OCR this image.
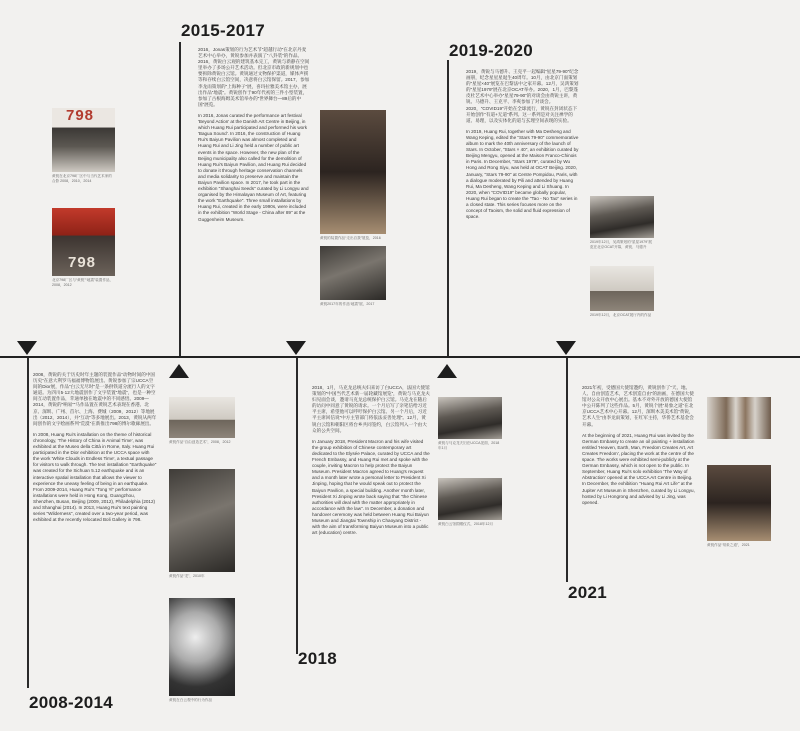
2015-2017
2019-2020
2008-2014
2018
2021
798
黄锐在北京798厂区中与当代艺术家的合影 2008，2010，2014
798
北京798厂区与“黄锐”“地震”装置作品，2008，2012

2016，Jonas策划的行为艺术节“超越行动”在北京丹麦艺术中心举办，黄锐参加并表演了“八卦装”的作品。2016，黄锐白云观的建筑基本完工，黄锐与新静在空间里举办了多场公开艺术活动。但北京市政的新规划中也要拆除黄锐白云馆。黄锐通过文物保护渠道，媒体声援等和存续白云馆空间，决意将白云馆保留。2017，参加李龙雨策划的“上海种子”展，喜玛拉雅美术馆主办，展出作品“地震”。黄锐创作于90年代初的三件小型装置，参加了古根海姆美术馆举办的“世界舞台—89后的中国”展览。

In 2016, Jonas curated the performance art festival 'Beyond Action' at the Danish Art Centre in Beijing, in which Huang Rui participated and performed his work 'Bagua Sound'. In 2016, the construction of Huang Rui's Baiyun Pavilion was almost completed and Huang Rui and Li Jing held a number of public art events in the space. However, the new plan of the Beijing municipality also called for the demolition of Huang Rui's Baiyun Pavilion, and Huang Rui decided to donate it through heritage conservation channels and media solidarity to preserve and maintain the Baiyun Pavilion space. In 2017, he took part in the exhibition "Shanghai Seeds" curated by Li Longyu and organised by the Himalayan Museum of Art, featuring the work "Earthquake". Three small installations by Huang Rui, created in the early 1990s, were included in the exhibition "World Stage - China after 89" at the Guggenheim Museum.

黄锐的装置作品“走出自我”展览，2016
黄锐2017年的作品“地震”展，2017

2019，黄锐与马德升、王克平一起编辑“星星79-90”纪念画册，纪念星星星诞生40周年。10月，由北京门面策划的“星星×40”展览在巴黎法中之家开幕。12月，吴鸿策划的“星星1979”展在北京OCAT举办。2020，1月，巴黎蓬皮杜艺术中心举办“星星79-90”的对谈会由黄锐主讲，黄锐、马德升、王克平、李爽参加了对谈会。2020，“COVID19”开始在全球流行，黄锐在封闭状态下开始创作“有道+无道”系列。这一系列是对关注禅学的道、易理，以及实体化的道与玄理空间表现的实验。

In 2019, Huang Rui, together with Ma Desheng and Wang Keping, edited the "Stars 79-90" commemorative album to mark the 40th anniversary of the launch of Stars. In October, "Stars × 40", an exhibition curated by Beijing Mengyu, opened at the Maison Franco-Chinois in Paris. In December, "Stars 1979", curated by Wu Hong and Rong Siyu, was held at OCAT Beijing. 2020, January, "Stars 79-90" at Centre Pompidou, Paris, with a dialogue moderated by Pili and attended by Huang Rui, Ma Desheng, Wang Keping and Li Shuang. In 2020, when "COVID19" became globally popular, Huang Rui began to create the "Tao - No Tao" series in a closed state. This series focuses more on the concept of Taoism, the solid and fluid expression of space.

2019年12月，吴鸿策划的“星星1979”展览在北京OCAT开幕，黄锐、马德升
2019年12月，北京OCAT展厅内的作品

2008，黄锐的关于历史时年主题的装置作品“动物时间的中国历史”在意大利罗马福福博物馆展出。黄锐参加了宗UCCA空间的Dior展，作品“白云无尽时”是一条供铁道分流行人的文字通道。为四川5·12大地震创作了文字装置“地震”，也是一种空间互动装置作品，苹通单独在地震中的不同感悟。2009—2014，黄锐的“响易”“马作品置在黄锐艺术表现在香港、北京、深圳、广州、首尔、上海、费城（2009，2012）等地展出（2012，2014），并“互动”等多地展出。2013，黄锐从两年间创作的文字绘画系列“荒漠”在新推出798的博尔歌廊展出。

In 2008, Huang Rui's installation on the theme of historical chronology, 'The History of China in Animal Time', was exhibited at the Museo della Città in Rome, Italy. Huang Rui participated in the Dior exhibition at the UCCA space with the work 'White Clouds in Endless Time', a textual passage for visitors to walk through. The text installation "Earthquake" was created for the Sichuan 5.12 earthquake and is an interactive spatial installation that allows the viewer to experience the uneasy feeling of being in an earthquake. From 2009-2014, Huang Rui's "Tong Yi" performance installations were held in Hong Kong, Guangzhou, Shenzhen, Busan, Beijing (2009, 2012), Philadelphia (2012) and Shanghai (2014). In 2013, Huang Rui's text painting series "Wilderness", created over a two-year period, was exhibited at the recently relocated Boli Gallery in 798.

黄锐作品“自由创造艺术”，2008，2012
黄锐作品“龙”，2010年
黄锐在白云观中的行为作品

2018，1月，马克龙总统夫妇来访了白UCCA，法国大使馆策划的“中国当代艺术新一届轮藏馆展览”，黄锐与马克龙夫妇见面会谈，邀请马克龙总统保护白云馆。马克龙在随后的访问中同意了黄锐的请求。一个月后写了亲笔信给习近平主席，希望他可以呼吁保护白云馆。另一个月后，习近平主席回信说“中方主管部门将依法妥善处理”。12月，黄锐白云馆和朝阳区将台乡共同签约，白云馆列入一个由大众的公共空间。

In January 2018, President Macron and his wife visited the group exhibition of Chinese contemporary art dedicated to the Elysée Palace, curated by UCCA and the French Embassy, and Huang Rui met and spoke with the couple, inviting Macron to help protect the Baiyun Museum. President Macron agreed to Huang's request and a month later wrote a personal letter to President Xi Jinping, hoping that he would speak out to protect the Baiyun Pavilion, a special building. Another month later, President Xi Jinping wrote back saying that "the Chinese authorities will deal with the matter appropriately in accordance with the law". In December, a donation and handover ceremony was held between Huang Rui Baiyun Museum and Jiangtai Township in Chaoyang District - with the aim of transforming Baiyun Museum into a public art (education) centre.

黄锐与马克龙夫妇在UCCA见面，2018年1月
黄锐白云馆捐赠仪式，2018年12月

2021年初，受德国大使馆邀约，黄锐创作了“天、地、人、自由创造艺术，艺术创造自由”的油画，在德国大使馆对公众开放中心展出。基本不对外开放的德国大使馆中公开陈列了这些作品。5月，黄锐个展“易象之道”在北京UCCA艺术中心开幕。12月，深圳木美美术馆“黄锐，艺术人生”由李龙雨策划，在红军主持，华侨艺术基金会开幕。

At the beginning of 2021, Huang Rui was invited by the German Embassy to create an oil painting + installation entitled 'Heaven, Earth, Man, Freedom Creates Art, Art Creates Freedom', placing the work at the centre of the space. The works were exhibited semi-publicly at the German Embassy, which is not open to the public. In September, Huang Rui's solo exhibition 'The Way of Abstraction' opened at the UCCA Art Centre in Beijing. In December, the exhibition "Huang Rui Art Life" at the Jupiter Art Museum in Shenzhen, curated by Li Longyu, hosted by Li Hongrong and advised by Li Jing, was opened.

黄锐作品“易象之道”，2021
